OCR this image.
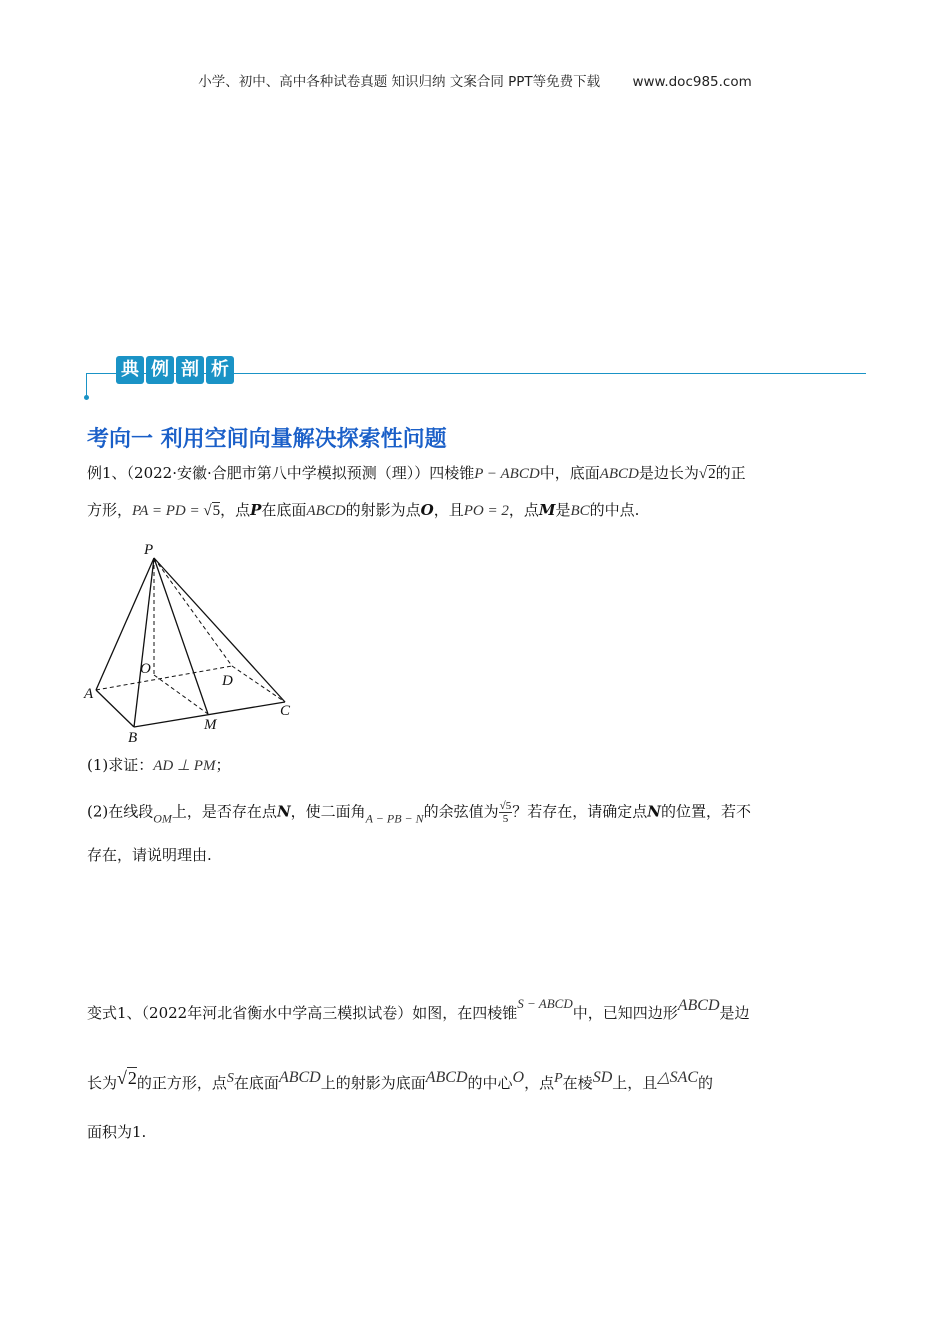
小学、初中、高中各种试卷真题 知识归纳 文案合同 PPT等免费下载 www.doc985.com
典 例 剖 析
考向一 利用空间向量解决探索性问题
例1、（2022·安徽·合肥市第八中学模拟预测（理））四棱锥P − ABCD中，底面ABCD是边长为√2的正
方形，PA = PD = √5，点P在底面ABCD的射影为点O，且PO = 2，点M是BC的中点.
P
O
D
A
C
B
M
(1)求证：AD ⊥ PM；
(2)在线段$_{OM}$上，是否存在点N，使二面角$_{A - PB - N}$的余弦值为 $\frac{√5}{5}$ ？若存在，请确定点N的位置，若不
存在，请说明理由.
变式1、（2022年河北省衡水中学高三模拟试卷）如图，在四棱锥S − ABCD中，已知四边形ABCD是边
长为√2的正方形，点S在底面ABCD上的射影为底面ABCD的中心O，点P在棱SD上，且△SAC的
面积为1.
